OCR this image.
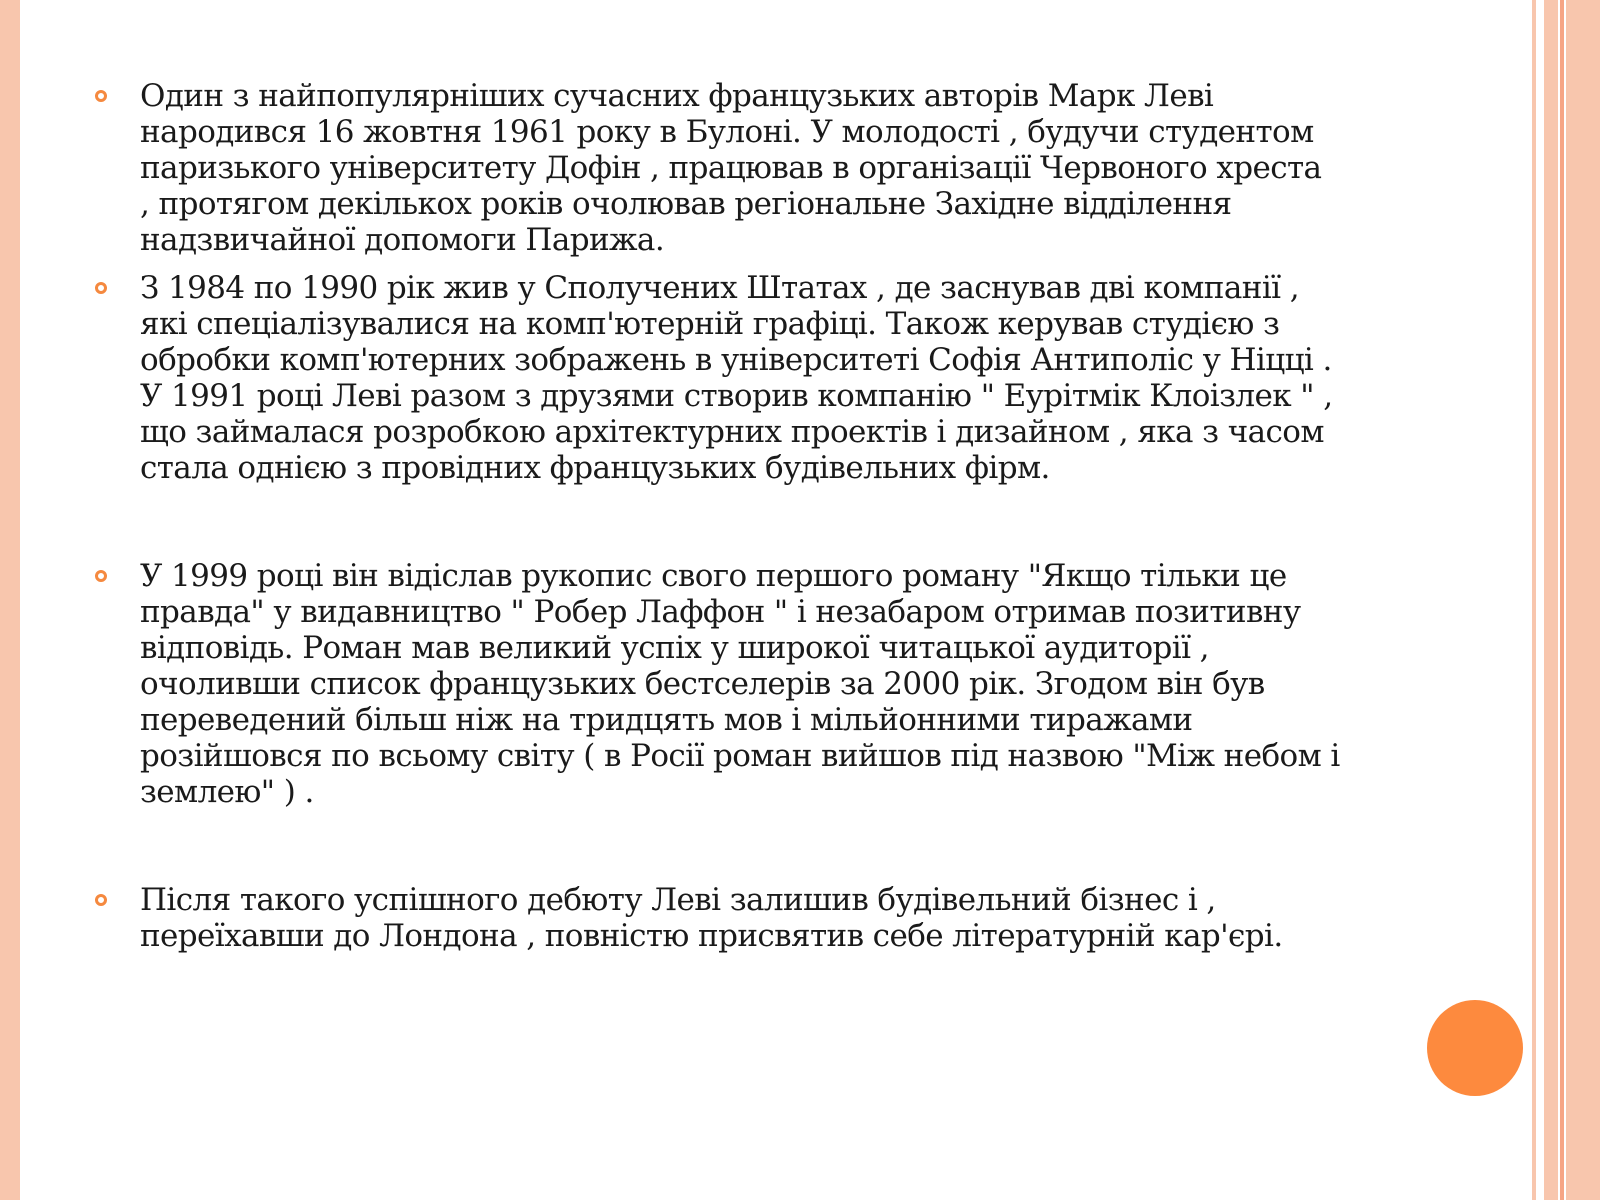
Один з найпопулярніших сучасних французьких авторів Марк Леві
народився 16 жовтня 1961 року в Булоні. У молодості , будучи студентом
паризького університету Дофін , працював в організації Червоного хреста
, протягом декількох років очолював регіональне Західне відділення
надзвичайної допомоги Парижа.

З 1984 по 1990 рік жив у Сполучених Штатах , де заснував дві компанії ,
які спеціалізувалися на комп'ютерній графіці. Також керував студією з
обробки комп'ютерних зображень в університеті Софія Антиполіс у Ніцці .
У 1991 році Леві разом з друзями створив компанію " Еурітмік Клоізлек " ,
що займалася розробкою архітектурних проектів і дизайном , яка з часом
стала однією з провідних французьких будівельних фірм.

У 1999 році він відіслав рукопис свого першого роману "Якщо тільки це
правда" у видавництво " Робер Лаффон " і незабаром отримав позитивну
відповідь. Роман мав великий успіх у широкої читацької аудиторії ,
очоливши список французьких бестселерів за 2000 рік. Згодом він був
переведений більш ніж на тридцять мов і мільйонними тиражами
розійшовся по всьому світу ( в Росії роман вийшов під назвою "Між небом і
землею" ) .

Після такого успішного дебюту Леві залишив будівельний бізнес і ,
переїхавши до Лондона , повністю присвятив себе літературній кар'єрі.
